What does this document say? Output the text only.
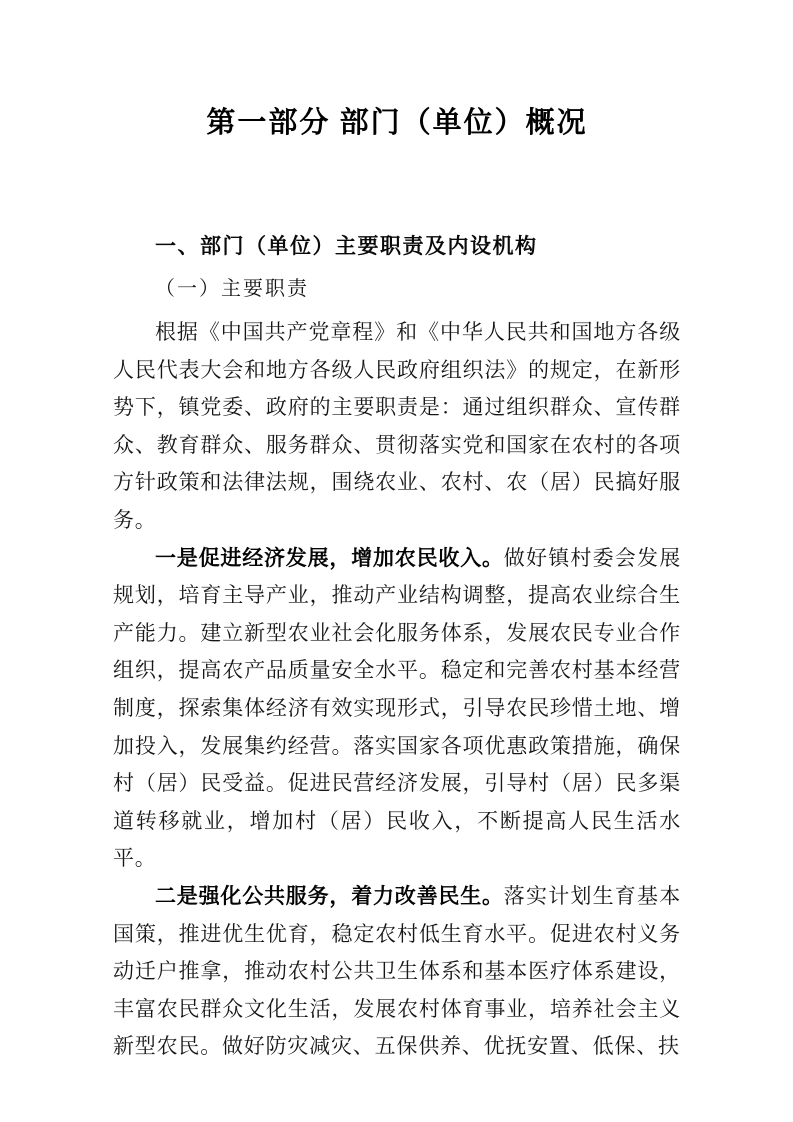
第一部分 部门（单位）概况
一、部门（单位）主要职责及内设机构
（一）主要职责

根据《中国共产党章程》和《中华人民共和国地方各级人民代表大会和地方各级人民政府组织法》的规定，在新形势下，镇党委、政府的主要职责是：通过组织群众、宣传群众、教育群众、服务群众、贯彻落实党和国家在农村的各项方针政策和法律法规，围绕农业、农村、农（居）民搞好服务。

一是促进经济发展，增加农民收入。做好镇村委会发展规划，培育主导产业，推动产业结构调整，提高农业综合生产能力。建立新型农业社会化服务体系，发展农民专业合作组织，提高农产品质量安全水平。稳定和完善农村基本经营制度，探索集体经济有效实现形式，引导农民珍惜土地、增加投入，发展集约经营。落实国家各项优惠政策措施，确保村（居）民受益。促进民营经济发展，引导村（居）民多渠道转移就业，增加村（居）民收入，不断提高人民生活水平。

二是强化公共服务，着力改善民生。落实计划生育基本国策，推进优生优育，稳定农村低生育水平。促进农村义务动迁户推拿，推动农村公共卫生体系和基本医疗体系建设，丰富农民群众文化生活，发展农村体育事业，培养社会主义新型农民。做好防灾减灾、五保供养、优抚安置、低保、扶
